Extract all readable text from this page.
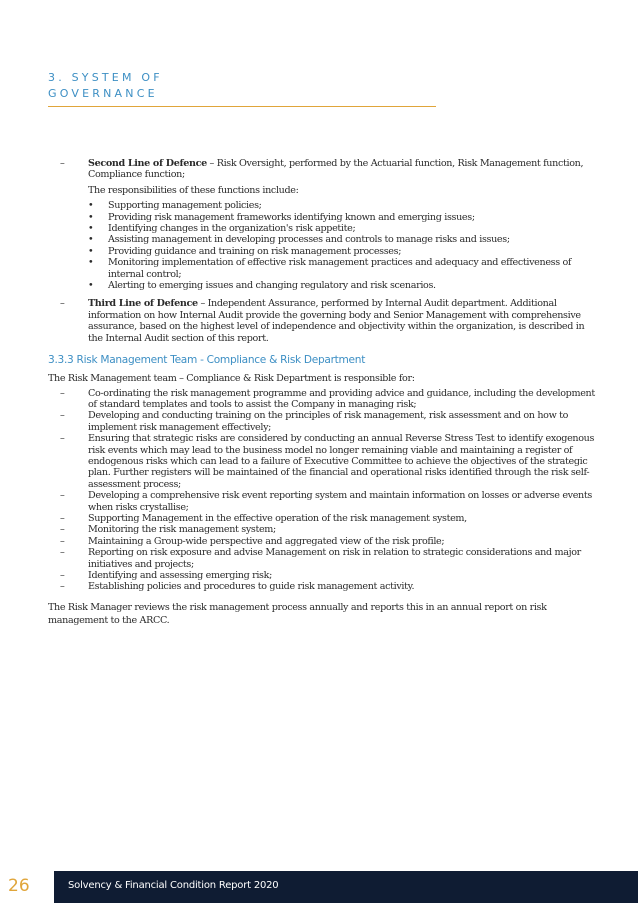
3. SYSTEM OF
GOVERNANCE
– Second Line of Defence – Risk Oversight, performed by the Actuarial function, Risk Management function, Compliance function;
The responsibilities of these functions include:
• Supporting management policies;
• Providing risk management frameworks identifying known and emerging issues;
• Identifying changes in the organization's risk appetite;
• Assisting management in developing processes and controls to manage risks and issues;
• Providing guidance and training on risk management processes;
• Monitoring implementation of effective risk management practices and adequacy and effectiveness of internal control;
• Alerting to emerging issues and changing regulatory and risk scenarios.
– Third Line of Defence – Independent Assurance, performed by Internal Audit department. Additional information on how Internal Audit provide the governing body and Senior Management with comprehensive assurance, based on the highest level of independence and objectivity within the organization, is described in the Internal Audit section of this report.
3.3.3 Risk Management Team - Compliance & Risk Department

The Risk Management team – Compliance & Risk Department is responsible for:

– Co-ordinating the risk management programme and providing advice and guidance, including the development of standard templates and tools to assist the Company in managing risk;
– Developing and conducting training on the principles of risk management, risk assessment and on how to implement risk management effectively;
– Ensuring that strategic risks are considered by conducting an annual Reverse Stress Test to identify exogenous risk events which may lead to the business model no longer remaining viable and maintaining a register of endogenous risks which can lead to a failure of Executive Committee to achieve the objectives of the strategic plan. Further registers will be maintained of the financial and operational risks identified through the risk self-assessment process;
– Developing a comprehensive risk event reporting system and maintain information on losses or adverse events when risks crystallise;
– Supporting Management in the effective operation of the risk management system,
– Monitoring the risk management system;
– Maintaining a Group-wide perspective and aggregated view of the risk profile;
– Reporting on risk exposure and advise Management on risk in relation to strategic considerations and major initiatives and projects;
– Identifying and assessing emerging risk;
– Establishing policies and procedures to guide risk management activity.

The Risk Manager reviews the risk management process annually and reports this in an annual report on risk management to the ARCC.

26	Solvency & Financial Condition Report 2020
